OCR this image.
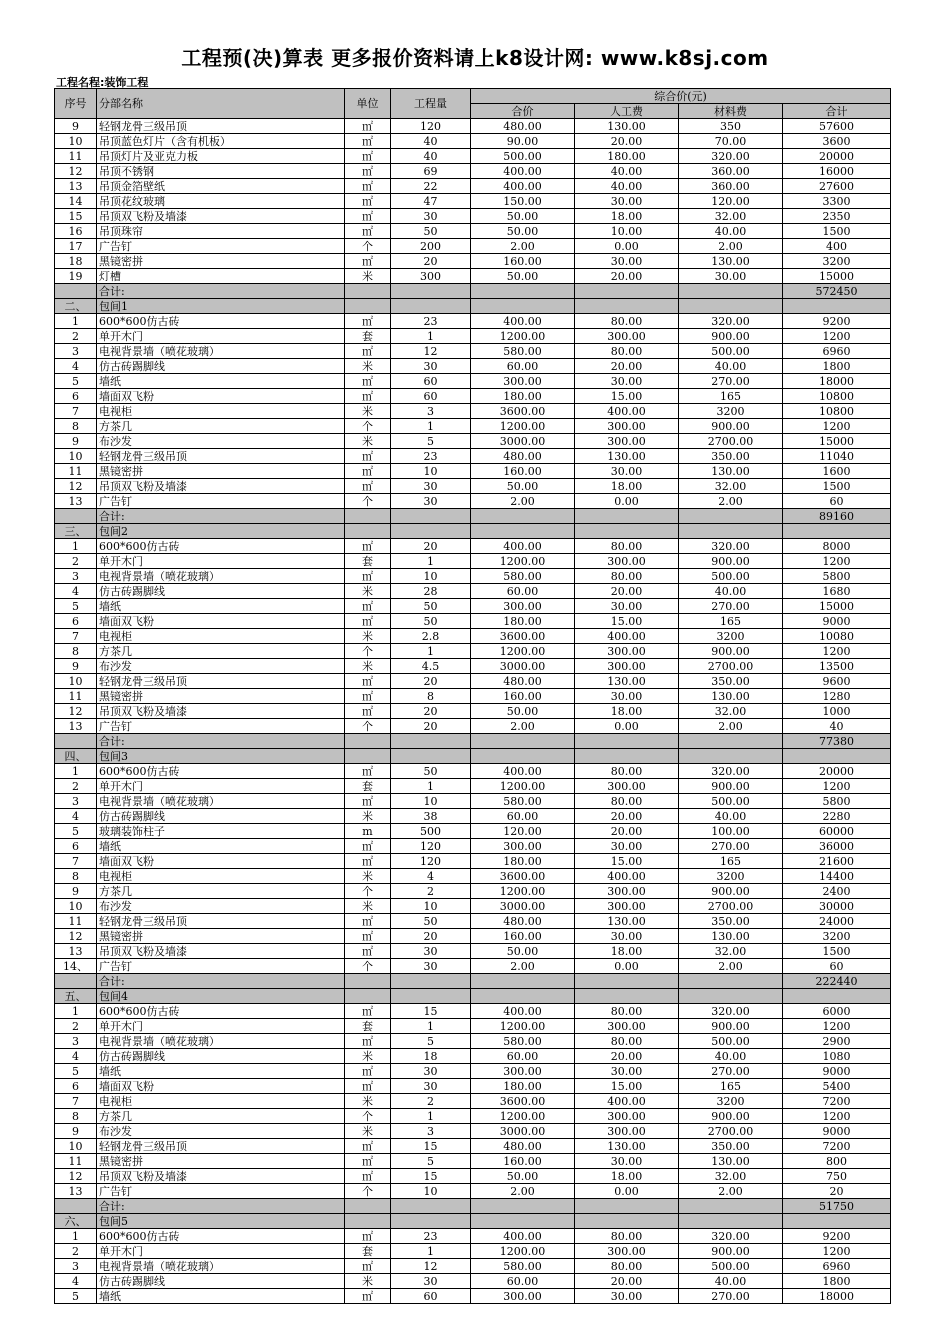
工程预(决)算表 更多报价资料请上k8设计网: www.k8sj.com
工程名程:装饰工程
序号	分部名称	单位	工程量	综合价(元)			
				合价	人工费	材料费	合计
9	轻钢龙骨三级吊顶	㎡	120	480.00	130.00	350	57600
10	吊顶蓝色灯片（含有机板）	㎡	40	90.00	20.00	70.00	3600
11	吊顶灯片及亚克力板	㎡	40	500.00	180.00	320.00	20000
12	吊顶不锈钢	㎡	69	400.00	40.00	360.00	16000
13	吊顶金箔壁纸	㎡	22	400.00	40.00	360.00	27600
14	吊顶花纹玻璃	㎡	47	150.00	30.00	120.00	3300
15	吊顶双飞粉及墙漆	㎡	30	50.00	18.00	32.00	2350
16	吊顶珠帘	㎡	50	50.00	10.00	40.00	1500
17	广告钉	个	200	2.00	0.00	2.00	400
18	黑镜密拼	㎡	20	160.00	30.00	130.00	3200
19	灯槽	米	300	50.00	20.00	30.00	15000
	合计:						572450
二、	包间1						
1	600*600仿古砖	㎡	23	400.00	80.00	320.00	9200
2	单开木门	套	1	1200.00	300.00	900.00	1200
3	电视背景墙（喷花玻璃）	㎡	12	580.00	80.00	500.00	6960
4	仿古砖踢脚线	米	30	60.00	20.00	40.00	1800
5	墙纸	㎡	60	300.00	30.00	270.00	18000
6	墙面双飞粉	㎡	60	180.00	15.00	165	10800
7	电视柜	米	3	3600.00	400.00	3200	10800
8	方茶几	个	1	1200.00	300.00	900.00	1200
9	布沙发	米	5	3000.00	300.00	2700.00	15000
10	轻钢龙骨三级吊顶	㎡	23	480.00	130.00	350.00	11040
11	黑镜密拼	㎡	10	160.00	30.00	130.00	1600
12	吊顶双飞粉及墙漆	㎡	30	50.00	18.00	32.00	1500
13	广告钉	个	30	2.00	0.00	2.00	60
	合计:						89160
三、	包间2						
1	600*600仿古砖	㎡	20	400.00	80.00	320.00	8000
2	单开木门	套	1	1200.00	300.00	900.00	1200
3	电视背景墙（喷花玻璃）	㎡	10	580.00	80.00	500.00	5800
4	仿古砖踢脚线	米	28	60.00	20.00	40.00	1680
5	墙纸	㎡	50	300.00	30.00	270.00	15000
6	墙面双飞粉	㎡	50	180.00	15.00	165	9000
7	电视柜	米	2.8	3600.00	400.00	3200	10080
8	方茶几	个	1	1200.00	300.00	900.00	1200
9	布沙发	米	4.5	3000.00	300.00	2700.00	13500
10	轻钢龙骨三级吊顶	㎡	20	480.00	130.00	350.00	9600
11	黑镜密拼	㎡	8	160.00	30.00	130.00	1280
12	吊顶双飞粉及墙漆	㎡	20	50.00	18.00	32.00	1000
13	广告钉	个	20	2.00	0.00	2.00	40
	合计:						77380
四、	包间3						
1	600*600仿古砖	㎡	50	400.00	80.00	320.00	20000
2	单开木门	套	1	1200.00	300.00	900.00	1200
3	电视背景墙（喷花玻璃）	㎡	10	580.00	80.00	500.00	5800
4	仿古砖踢脚线	米	38	60.00	20.00	40.00	2280
5	玻璃装饰柱子	m	500	120.00	20.00	100.00	60000
6	墙纸	㎡	120	300.00	30.00	270.00	36000
7	墙面双飞粉	㎡	120	180.00	15.00	165	21600
8	电视柜	米	4	3600.00	400.00	3200	14400
9	方茶几	个	2	1200.00	300.00	900.00	2400
10	布沙发	米	10	3000.00	300.00	2700.00	30000
11	轻钢龙骨三级吊顶	㎡	50	480.00	130.00	350.00	24000
12	黑镜密拼	㎡	20	160.00	30.00	130.00	3200
13	吊顶双飞粉及墙漆	㎡	30	50.00	18.00	32.00	1500
14、	广告钉	个	30	2.00	0.00	2.00	60
	合计:						222440
五、	包间4						
1	600*600仿古砖	㎡	15	400.00	80.00	320.00	6000
2	单开木门	套	1	1200.00	300.00	900.00	1200
3	电视背景墙（喷花玻璃）	㎡	5	580.00	80.00	500.00	2900
4	仿古砖踢脚线	米	18	60.00	20.00	40.00	1080
5	墙纸	㎡	30	300.00	30.00	270.00	9000
6	墙面双飞粉	㎡	30	180.00	15.00	165	5400
7	电视柜	米	2	3600.00	400.00	3200	7200
8	方茶几	个	1	1200.00	300.00	900.00	1200
9	布沙发	米	3	3000.00	300.00	2700.00	9000
10	轻钢龙骨三级吊顶	㎡	15	480.00	130.00	350.00	7200
11	黑镜密拼	㎡	5	160.00	30.00	130.00	800
12	吊顶双飞粉及墙漆	㎡	15	50.00	18.00	32.00	750
13	广告钉	个	10	2.00	0.00	2.00	20
	合计:						51750
六、	包间5						
1	600*600仿古砖	㎡	23	400.00	80.00	320.00	9200
2	单开木门	套	1	1200.00	300.00	900.00	1200
3	电视背景墙（喷花玻璃）	㎡	12	580.00	80.00	500.00	6960
4	仿古砖踢脚线	米	30	60.00	20.00	40.00	1800
5	墙纸	㎡	60	300.00	30.00	270.00	18000
